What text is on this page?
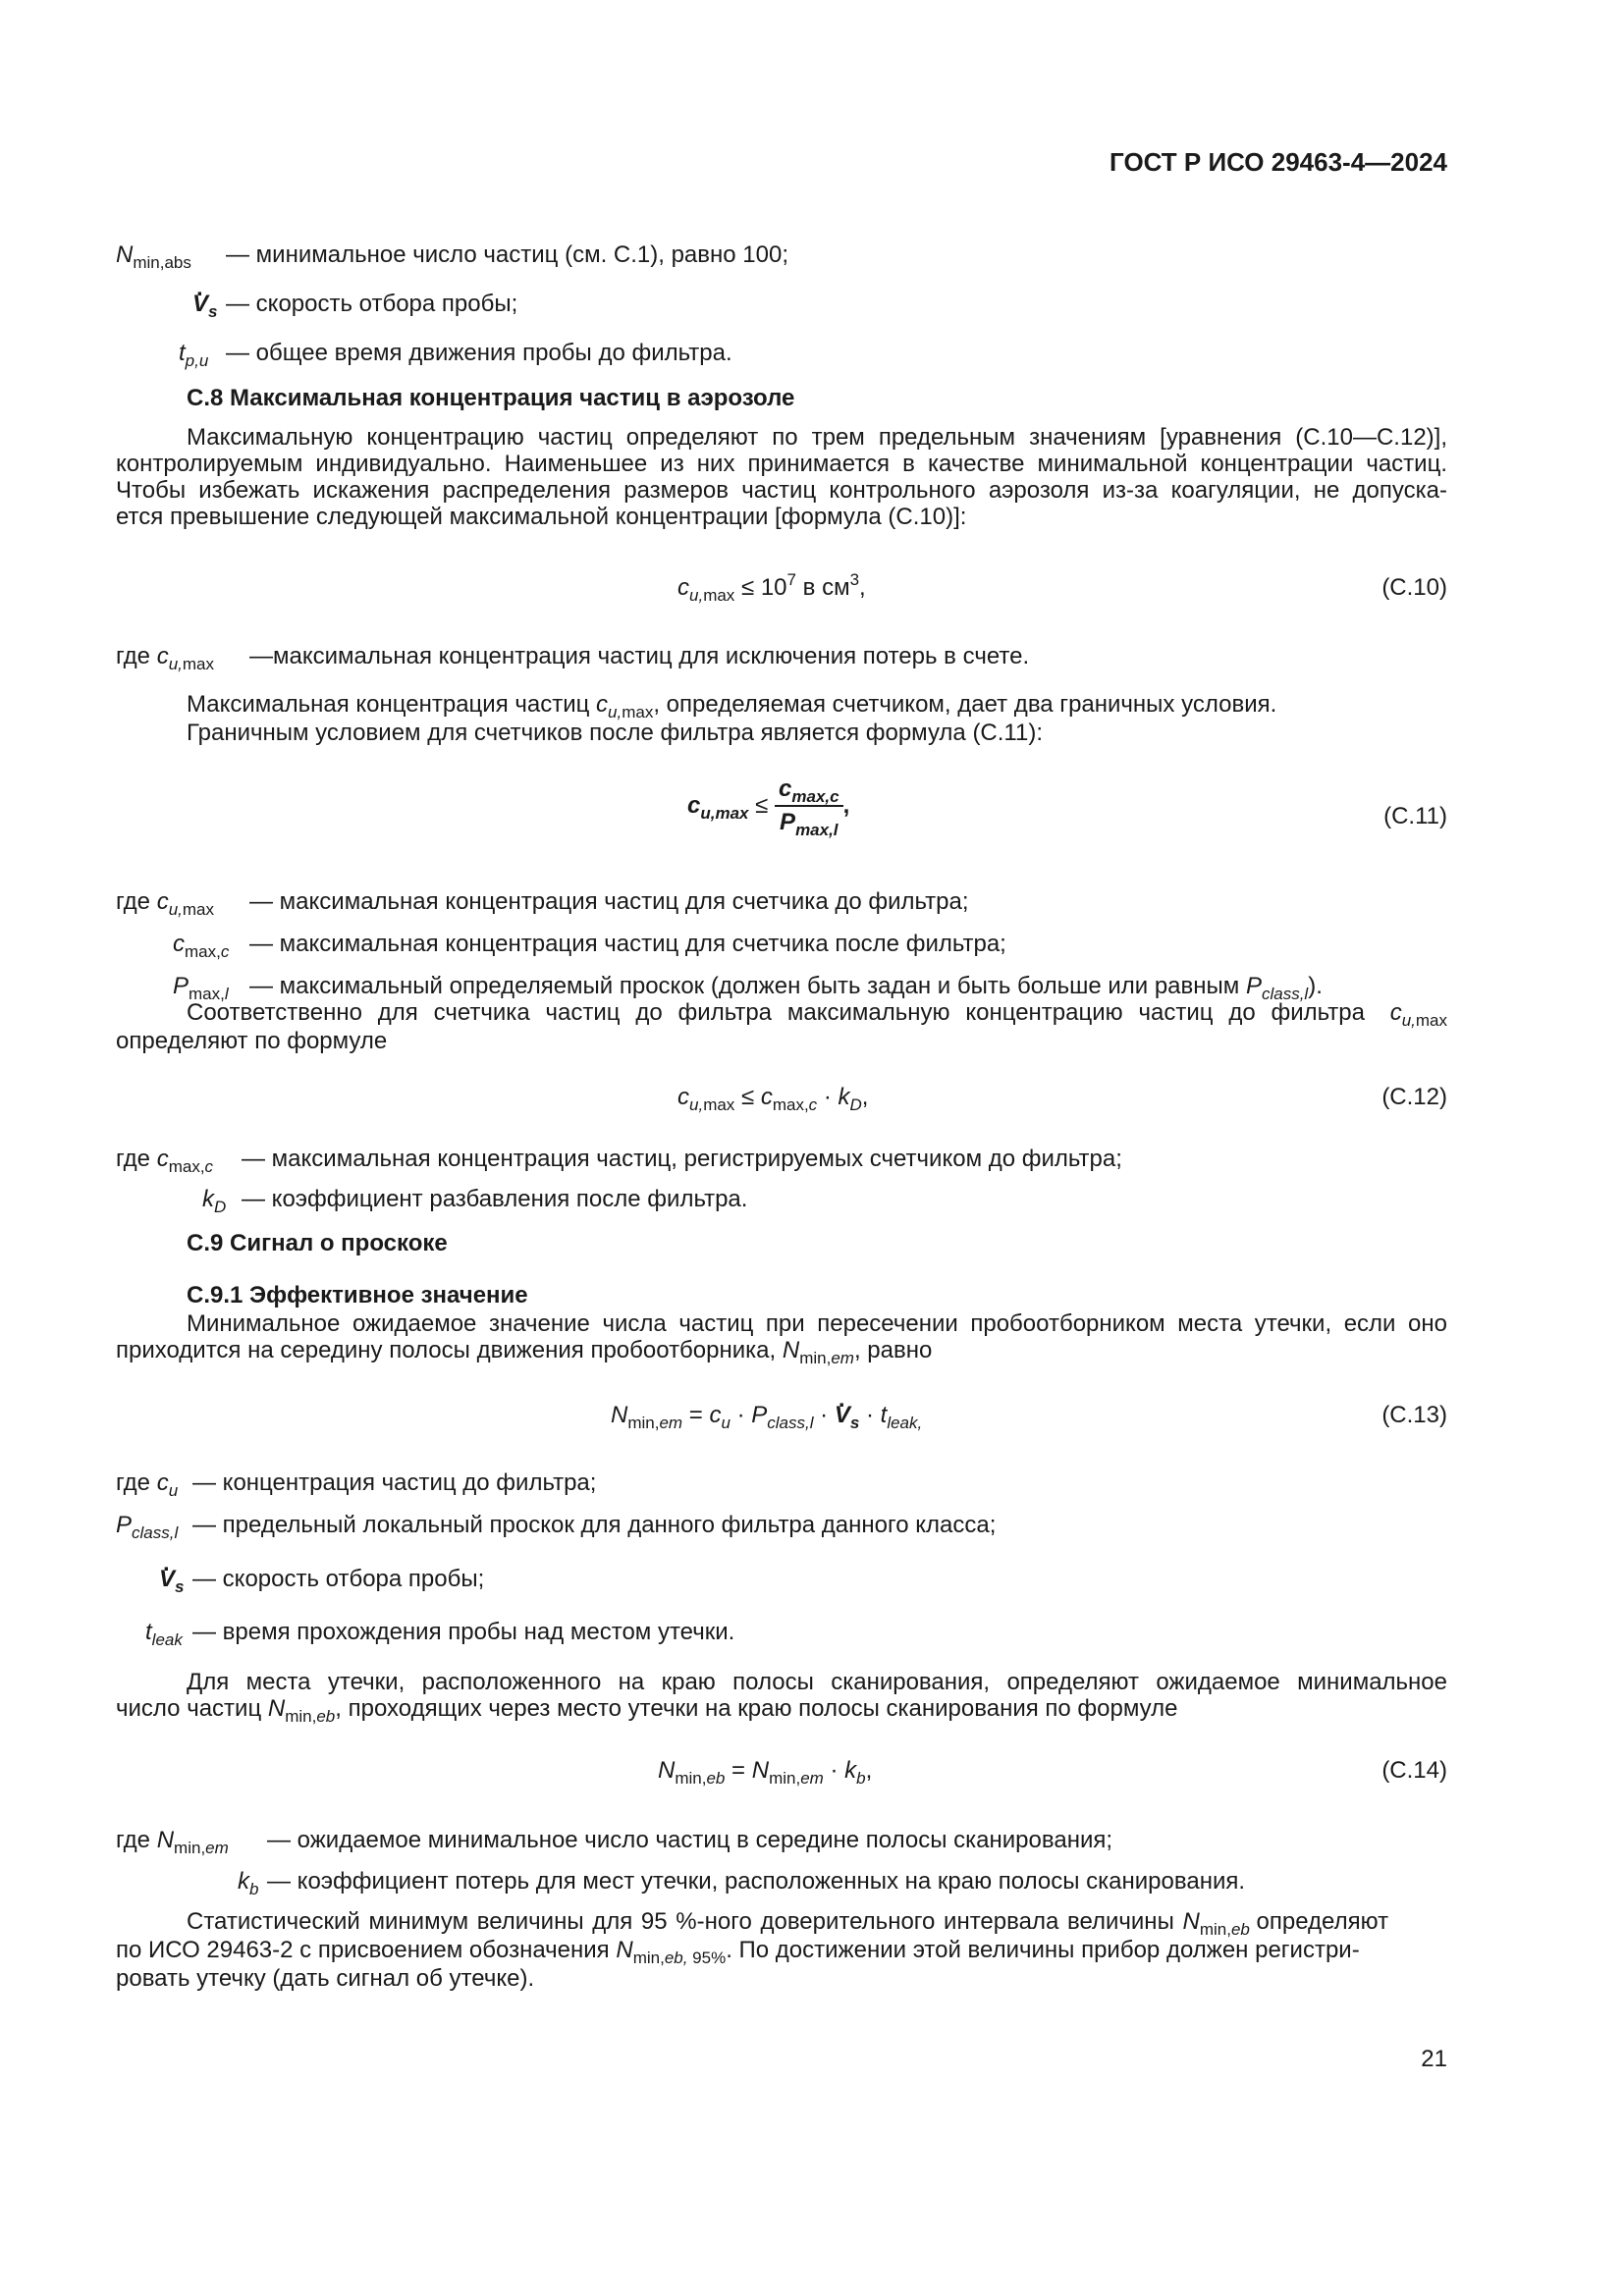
ГОСТ Р ИСО 29463-4—2024
$N_{min,abs}$ — минимальное число частиц (см. С.1), равно 100;
. $V_s$ — скорость отбора пробы;
$t_{p,u}$ — общее время движения пробы до фильтра.
С.8 Максимальная концентрация частиц в аэрозоле
Максимальную концентрацию частиц определяют по трем предельным значениям [уравнения (С.10—С.12)],
контролируемым индивидуально. Наименьшее из них принимается в качестве минимальной концентрации частиц.
Чтобы избежать искажения распределения размеров частиц контрольного аэрозоля из-за коагуляции, не допуска-
ется превышение следующей максимальной концентрации [формула (С.10)]:
$c_{u,max} \le 10^7$ в $см^3$,	(С.10)
где $c_{u,max}$ —максимальная концентрация частиц для исключения потерь в счете.
Максимальная концентрация частиц $c_{u,max}$, определяемая счетчиком, дает два граничных условия.
Граничным условием для счетчиков после фильтра является формула (С.11):
$c_{u,max} \le \frac{c_{max,c}}{P_{max,l}}$ ,	(С.11)
где $c_{u,max}$ — максимальная концентрация частиц для счетчика до фильтра;
$c_{max,c}$ — максимальная концентрация частиц для счетчика после фильтра;
$P_{max,l}$ — максимальный определяемый проскок (должен быть задан и быть больше или равным $P_{class,l}$).
Соответственно для счетчика частиц до фильтра максимальную концентрацию частиц до фильтра $c_{u,max}$
определяют по формуле
$c_{u,max} \le c_{max,c} \cdot k_D$,	(С.12)
где $c_{max,c}$ — максимальная концентрация частиц, регистрируемых счетчиком до фильтра;
$k_D$ — коэффициент разбавления после фильтра.
С.9 Сигнал о проскоке
С.9.1 Эффективное значение
Минимальное ожидаемое значение числа частиц при пересечении пробоотборником места утечки, если оно
приходится на середину полосы движения пробоотборника, $N_{min,em}$, равно
$N_{min,em} = c_u \cdot P_{class,l}$ · . $V_s \cdot t_{leak,}$	(С.13)
где $c_u$ — концентрация частиц до фильтра;
$P_{class,l}$ — предельный локальный проскок для данного фильтра данного класса;
. $V_s$ — скорость отбора пробы;
$t_{leak}$ — время прохождения пробы над местом утечки.
Для места утечки, расположенного на краю полосы сканирования, определяют ожидаемое минимальное
число частиц $N_{min,eb}$, проходящих через место утечки на краю полосы сканирования по формуле
$N_{min,eb} = N_{min,em} \cdot k_b$,	(С.14)
где $N_{min,em}$ — ожидаемое минимальное число частиц в середине полосы сканирования;
$k_b$ — коэффициент потерь для мест утечки, расположенных на краю полосы сканирования.
Статистический минимум величины для 95 %-ного доверительного интервала величины $N_{min,eb}$ определяют
по ИСО 29463-2 с присвоением обозначения $N_{min,eb, 95\%}$. По достижении этой величины прибор должен регистри-
ровать утечку (дать сигнал об утечке).
21
